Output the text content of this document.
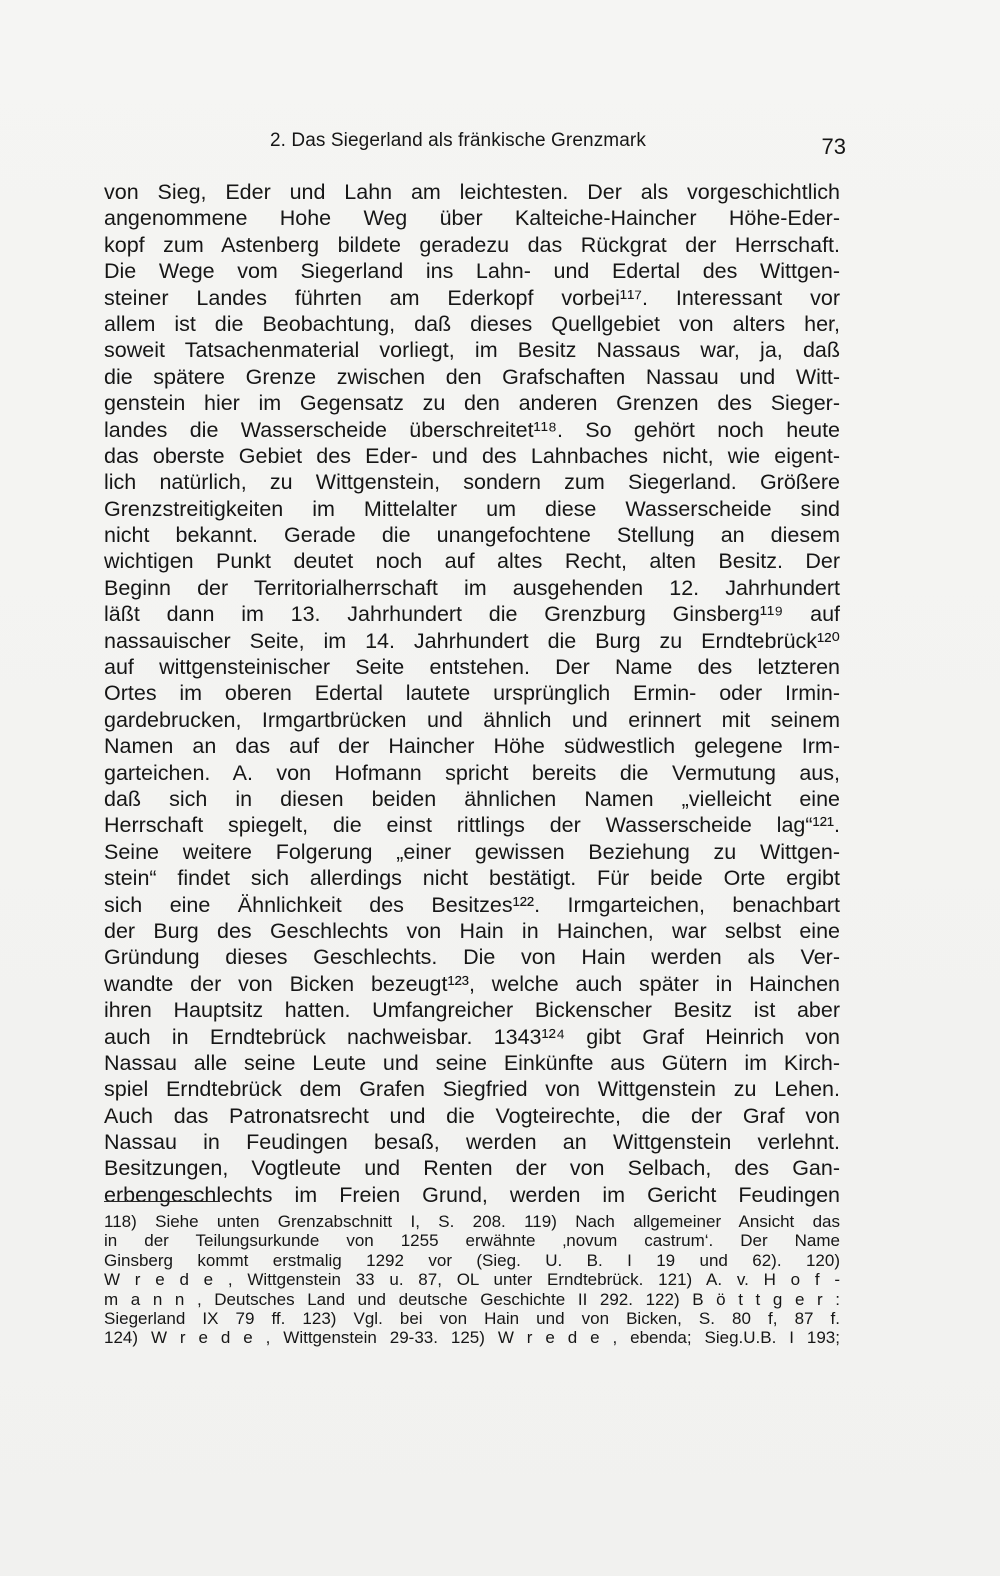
2. Das Siegerland als fränkische Grenzmark	73
von Sieg, Eder und Lahn am leichtesten. Der als vorgeschichtlich
angenommene Hohe Weg über Kalteiche-Haincher Höhe-Eder-
kopf zum Astenberg bildete geradezu das Rückgrat der Herrschaft.
Die Wege vom Siegerland ins Lahn- und Edertal des Wittgen-
steiner Landes führten am Ederkopf vorbei¹¹⁷. Interessant vor
allem ist die Beobachtung, daß dieses Quellgebiet von alters her,
soweit Tatsachenmaterial vorliegt, im Besitz Nassaus war, ja, daß
die spätere Grenze zwischen den Grafschaften Nassau und Witt-
genstein hier im Gegensatz zu den anderen Grenzen des Sieger-
landes die Wasserscheide überschreitet¹¹⁸. So gehört noch heute
das oberste Gebiet des Eder- und des Lahnbaches nicht, wie eigent-
lich natürlich, zu Wittgenstein, sondern zum Siegerland. Größere
Grenzstreitigkeiten im Mittelalter um diese Wasserscheide sind
nicht bekannt. Gerade die unangefochtene Stellung an diesem
wichtigen Punkt deutet noch auf altes Recht, alten Besitz. Der
Beginn der Territorialherrschaft im ausgehenden 12. Jahrhundert
läßt dann im 13. Jahrhundert die Grenzburg Ginsberg¹¹⁹ auf
nassauischer Seite, im 14. Jahrhundert die Burg zu Erndtebrück¹²⁰
auf wittgensteinischer Seite entstehen. Der Name des letzteren
Ortes im oberen Edertal lautete ursprünglich Ermin- oder Irmin-
gardebrucken, Irmgartbrücken und ähnlich und erinnert mit seinem
Namen an das auf der Haincher Höhe südwestlich gelegene Irm-
garteichen. A. von Hofmann spricht bereits die Vermutung aus,
daß sich in diesen beiden ähnlichen Namen „vielleicht eine
Herrschaft spiegelt, die einst rittlings der Wasserscheide lag“¹²¹.
Seine weitere Folgerung „einer gewissen Beziehung zu Wittgen-
stein“ findet sich allerdings nicht bestätigt. Für beide Orte ergibt
sich eine Ähnlichkeit des Besitzes¹²². Irmgarteichen, benachbart
der Burg des Geschlechts von Hain in Hainchen, war selbst eine
Gründung dieses Geschlechts. Die von Hain werden als Ver-
wandte der von Bicken bezeugt¹²³, welche auch später in Hainchen
ihren Hauptsitz hatten. Umfangreicher Bickenscher Besitz ist aber
auch in Erndtebrück nachweisbar. 1343¹²⁴ gibt Graf Heinrich von
Nassau alle seine Leute und seine Einkünfte aus Gütern im Kirch-
spiel Erndtebrück dem Grafen Siegfried von Wittgenstein zu Lehen.
Auch das Patronatsrecht und die Vogteirechte, die der Graf von
Nassau in Feudingen besaß, werden an Wittgenstein verlehnt.
Besitzungen, Vogtleute und Renten der von Selbach, des Gan-
erbengeschlechts im Freien Grund, werden im Gericht Feudingen
118) Siehe unten Grenzabschnitt I, S. 208. 119) Nach allgemeiner Ansicht das
in der Teilungsurkunde von 1255 erwähnte ‚novum castrum‘. Der Name
Ginsberg kommt erstmalig 1292 vor (Sieg. U. B. I 19 und 62). 120)
W r e d e , Wittgenstein 33 u. 87, OL unter Erndtebrück. 121) A. v. H o f -
m a n n , Deutsches Land und deutsche Geschichte II 292. 122) B ö t t g e r :
Siegerland IX 79 ff. 123) Vgl. bei von Hain und von Bicken, S. 80 f, 87 f.
124) W r e d e , Wittgenstein 29-33. 125) W r e d e , ebenda; Sieg.U.B. I 193;
